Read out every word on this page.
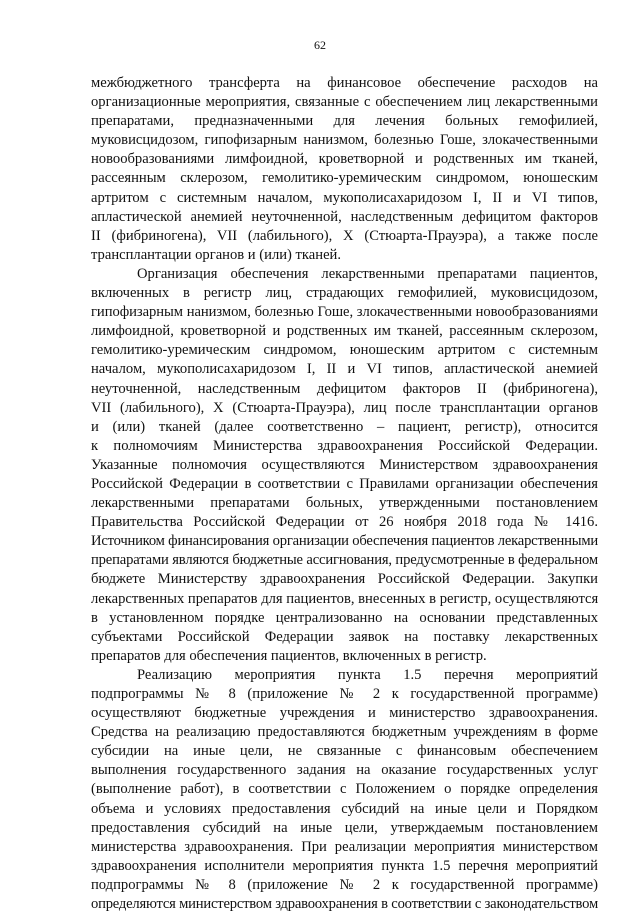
62
межбюджетного трансферта на финансовое обеспечение расходов на
организационные мероприятия, связанные с обеспечением лиц лекарственными
препаратами, предназначенными для лечения больных гемофилией,
муковисцидозом, гипофизарным нанизмом, болезнью Гоше, злокачественными
новообразованиями лимфоидной, кроветворной и родственных им тканей,
рассеянным склерозом, гемолитико-уремическим синдромом, юношеским
артритом с системным началом, мукополисахаридозом I, II и VI типов,
апластической анемией неуточненной, наследственным дефицитом факторов
II (фибриногена), VII (лабильного), X (Стюарта-Прауэра), а также после
трансплантации органов и (или) тканей.
Организация обеспечения лекарственными препаратами пациентов,
включенных в регистр лиц, страдающих гемофилией, муковисцидозом,
гипофизарным нанизмом, болезнью Гоше, злокачественными новообразованиями
лимфоидной, кроветворной и родственных им тканей, рассеянным склерозом,
гемолитико-уремическим синдромом, юношеским артритом с системным
началом, мукополисахаридозом I, II и VI типов, апластической анемией
неуточненной, наследственным дефицитом факторов II (фибриногена),
VII (лабильного), X (Стюарта-Прауэра), лиц после трансплантации органов
и (или) тканей (далее соответственно – пациент, регистр), относится
к полномочиям Министерства здравоохранения Российской Федерации.
Указанные полномочия осуществляются Министерством здравоохранения
Российской Федерации в соответствии с Правилами организации обеспечения
лекарственными препаратами больных, утвержденными постановлением
Правительства Российской Федерации от 26 ноября 2018 года № 1416.
Источником финансирования организации обеспечения пациентов лекарственными
препаратами являются бюджетные ассигнования, предусмотренные в федеральном
бюджете Министерству здравоохранения Российской Федерации. Закупки
лекарственных препаратов для пациентов, внесенных в регистр, осуществляются
в установленном порядке централизованно на основании представленных
субъектами Российской Федерации заявок на поставку лекарственных
препаратов для обеспечения пациентов, включенных в регистр.
Реализацию мероприятия пункта 1.5 перечня мероприятий
подпрограммы № 8 (приложение № 2 к государственной программе)
осуществляют бюджетные учреждения и министерство здравоохранения.
Средства на реализацию предоставляются бюджетным учреждениям в форме
субсидии на иные цели, не связанные с финансовым обеспечением
выполнения государственного задания на оказание государственных услуг
(выполнение работ), в соответствии с Положением о порядке определения
объема и условиях предоставления субсидий на иные цели и Порядком
предоставления субсидий на иные цели, утверждаемым постановлением
министерства здравоохранения. При реализации мероприятия министерством
здравоохранения исполнители мероприятия пункта 1.5 перечня мероприятий
подпрограммы № 8 (приложение № 2 к государственной программе)
определяются министерством здравоохранения в соответствии с законодательством
